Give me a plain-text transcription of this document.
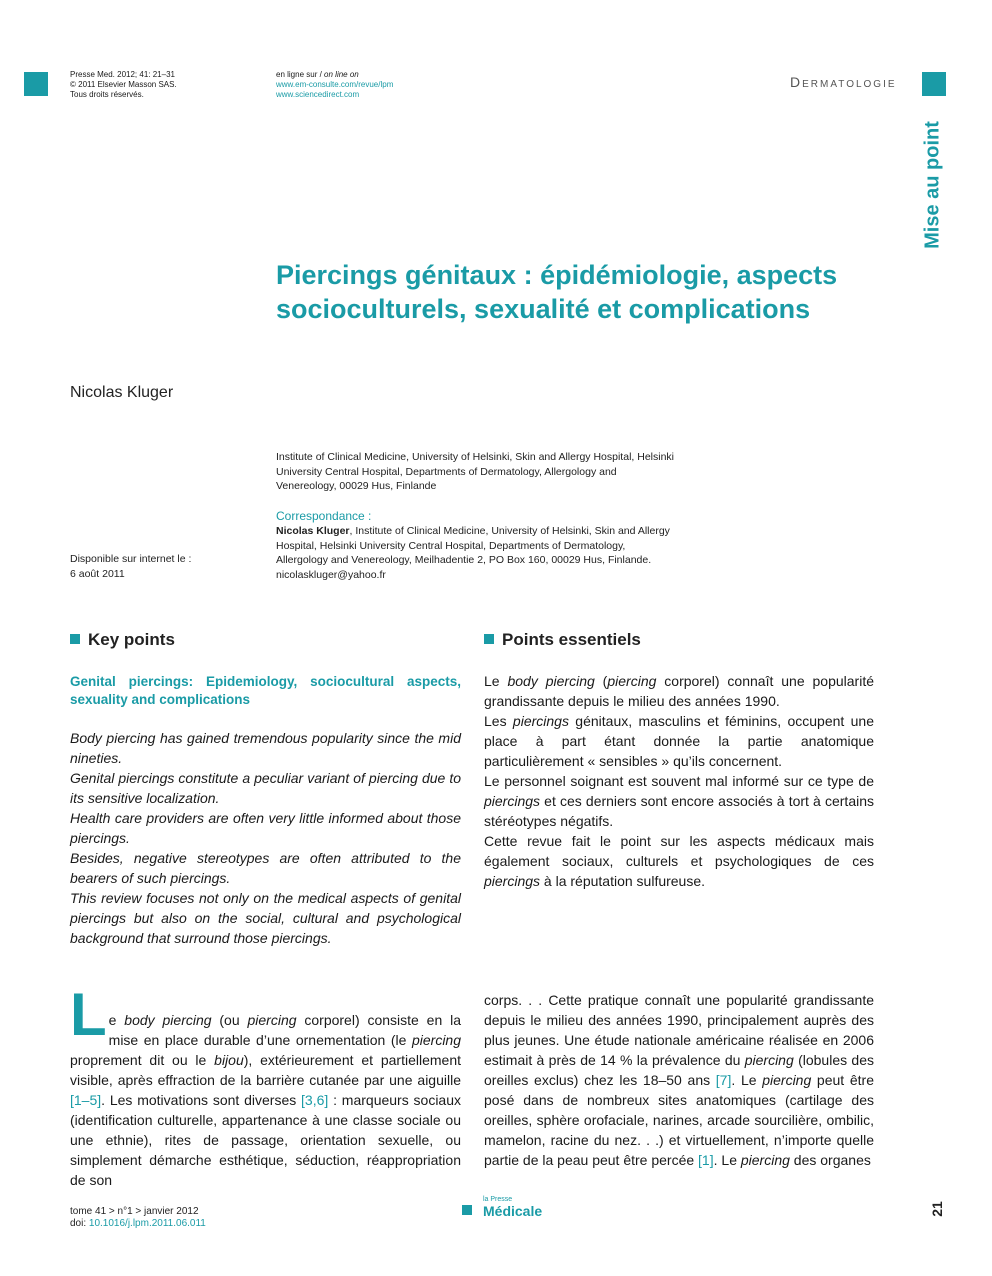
Presse Med. 2012; 41: 21–31
© 2011 Elsevier Masson SAS.
Tous droits réservés.
en ligne sur / on line on
www.em-consulte.com/revue/lpm
www.sciencedirect.com
Dermatologie
Mise au point
Piercings génitaux : épidémiologie, aspects
socioculturels, sexualité et complications
Nicolas Kluger
Institute of Clinical Medicine, University of Helsinki, Skin and Allergy Hospital, Helsinki
University Central Hospital, Departments of Dermatology, Allergology and
Venereology, 00029 Hus, Finlande
Correspondance :
Nicolas Kluger, Institute of Clinical Medicine, University of Helsinki, Skin and Allergy
Hospital, Helsinki University Central Hospital, Departments of Dermatology,
Allergology and Venereology, Meilhadentie 2, PO Box 160, 00029 Hus, Finlande.
nicolaskluger@yahoo.fr
Disponible sur internet le :
6 août 2011
Key points
Genital piercings: Epidemiology, sociocultural aspects, sexuality and complications

Body piercing has gained tremendous popularity since the mid nineties.

Genital piercings constitute a peculiar variant of piercing due to its sensitive localization.

Health care providers are often very little informed about those piercings.

Besides, negative stereotypes are often attributed to the bearers of such piercings.

This review focuses not only on the medical aspects of genital piercings but also on the social, cultural and psychological background that surround those piercings.

Points essentiels

Le body piercing (piercing corporel) connaît une popularité grandissante depuis le milieu des années 1990.

Les piercings génitaux, masculins et féminins, occupent une place à part étant donnée la partie anatomique particulièrement « sensibles » qu’ils concernent.

Le personnel soignant est souvent mal informé sur ce type de piercings et ces derniers sont encore associés à tort à certains stéréotypes négatifs.

Cette revue fait le point sur les aspects médicaux mais également sociaux, culturels et psychologiques de ces piercings à la réputation sulfureuse.

L e body piercing (ou piercing corporel) consiste en la mise en place durable d’une ornementation (le piercing proprement dit ou le bijou), extérieurement et partiellement visible, après effraction de la barrière cutanée par une aiguille [1–5]. Les motivations sont diverses [3,6] : marqueurs sociaux (identification culturelle, appartenance à une classe sociale ou une ethnie), rites de passage, orientation sexuelle, ou simplement démarche esthétique, séduction, réappropriation de son
corps. . . Cette pratique connaît une popularité grandissante depuis le milieu des années 1990, principalement auprès des plus jeunes. Une étude nationale américaine réalisée en 2006 estimait à près de 14 % la prévalence du piercing (lobules des oreilles exclus) chez les 18–50 ans [7]. Le piercing peut être posé dans de nombreux sites anatomiques (cartilage des oreilles, sphère orofaciale, narines, arcade sourcilière, ombilic, mamelon, racine du nez. . .) et virtuellement, n’importe quelle partie de la peau peut être percée [1]. Le piercing des organes
tome 41 > n°1 > janvier 2012
doi: 10.1016/j.lpm.2011.06.011
la Presse
Médicale	21
